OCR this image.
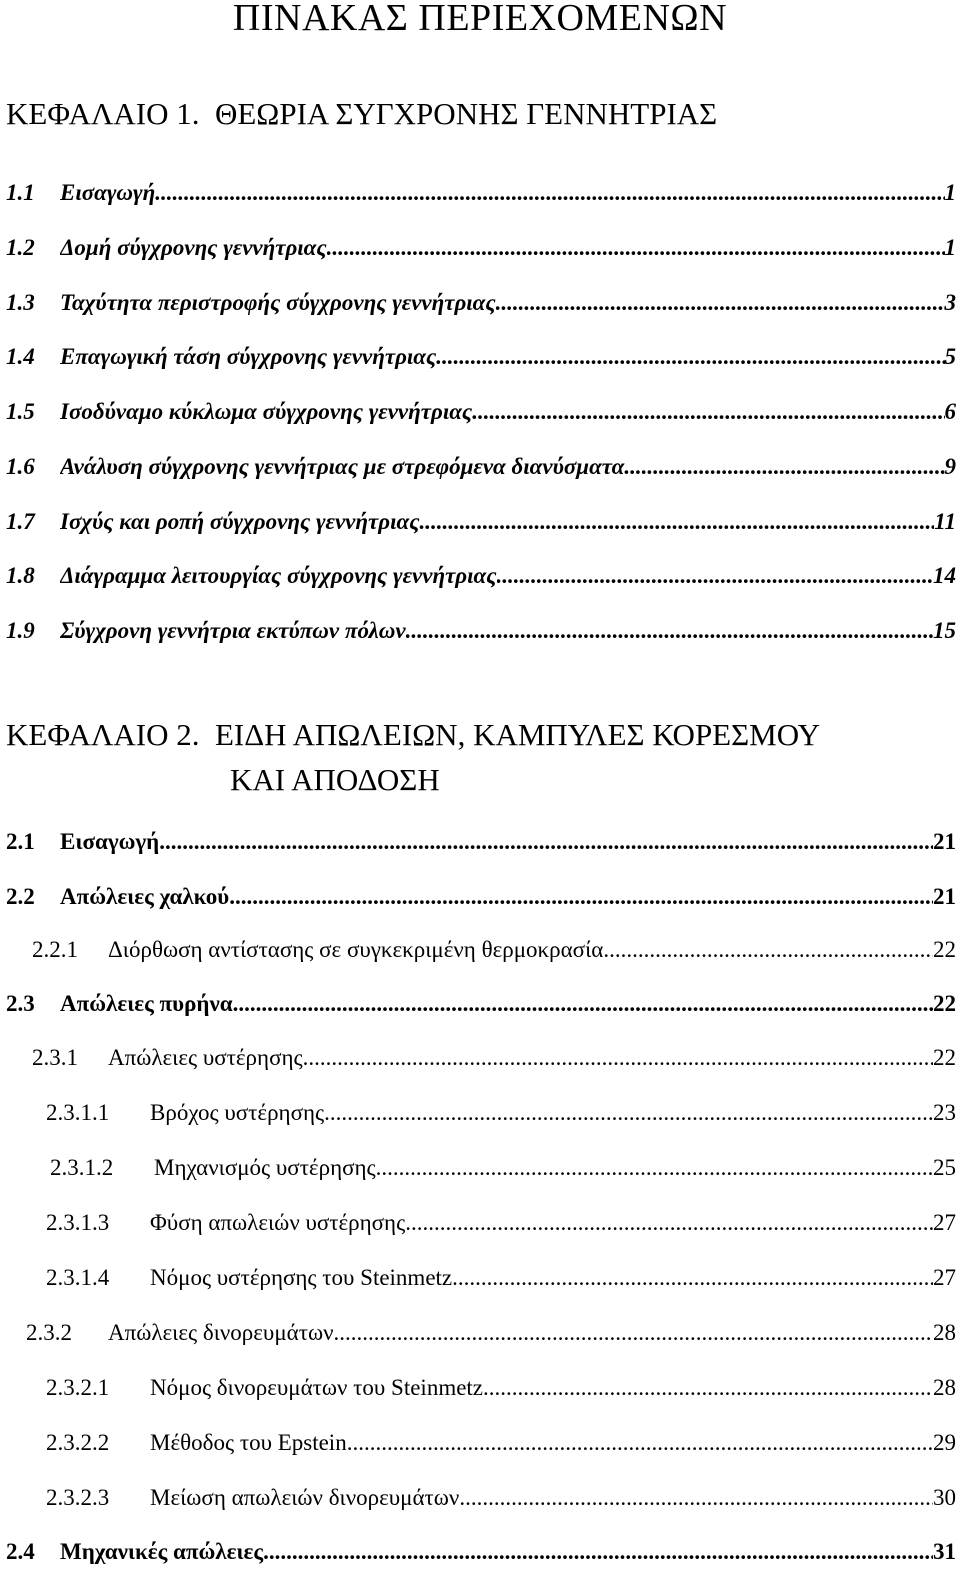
ΠΙΝΑΚΑΣ ΠΕΡΙΕΧΟΜΕΝΩΝ
ΚΕΦΑΛΑΙΟ 1. ΘΕΩΡΙΑ ΣΥΓΧΡΟΝΗΣ ΓΕΝΝΗΤΡΙΑΣ
1.1 Εισαγωγή .....	1
1.2 Δομή σύγχρονης γεννήτριας .....	1
1.3 Ταχύτητα περιστροφής σύγχρονης γεννήτριας .....	3
1.4 Επαγωγική τάση σύγχρονης γεννήτριας .....	5
1.5 Ισοδύναμο κύκλωμα σύγχρονης γεννήτριας .....	6
1.6 Ανάλυση σύγχρονης γεννήτριας με στρεφόμενα διανύσματα .....	9
1.7 Ισχύς και ροπή σύγχρονης γεννήτριας .....	11
1.8 Διάγραμμα λειτουργίας σύγχρονης γεννήτριας .....	14
1.9 Σύγχρονη γεννήτρια εκτύπων πόλων .....	15
ΚΕΦΑΛΑΙΟ 2. ΕΙΔΗ ΑΠΩΛΕΙΩΝ, ΚΑΜΠΥΛΕΣ ΚΟΡΕΣΜΟΥ
ΚΑΙ ΑΠΟΔΟΣΗ
2.1 Εισαγωγή .....	21
2.2 Απώλειες χαλκού .....	21
2.2.1 Διόρθωση αντίστασης σε συγκεκριμένη θερμοκρασία .....	22
2.3 Απώλειες πυρήνα .....	22
2.3.1 Απώλειες υστέρησης .....	22
2.3.1.1 Βρόχος υστέρησης .....	23
2.3.1.2 Μηχανισμός υστέρησης .....	25
2.3.1.3 Φύση απωλειών υστέρησης .....	27
2.3.1.4 Νόμος υστέρησης του Steinmetz .....	27
2.3.2 Απώλειες δινορευμάτων .....	28
2.3.2.1 Νόμος δινορευμάτων του Steinmetz .....	28
2.3.2.2 Μέθοδος του Epstein .....	29
2.3.2.3 Μείωση απωλειών δινορευμάτων .....	30
2.4 Μηχανικές απώλειες .....	31
